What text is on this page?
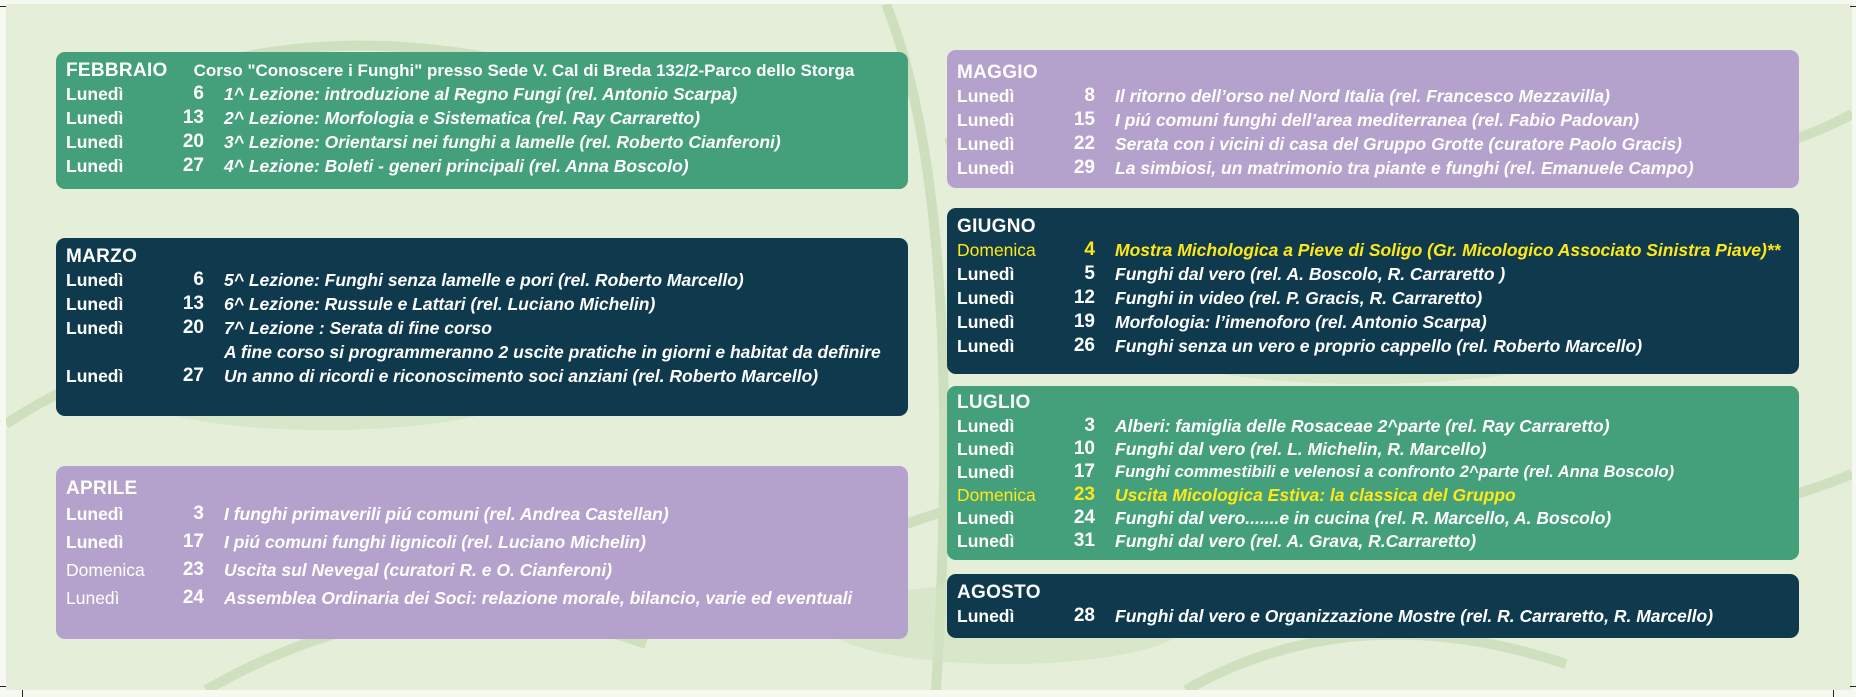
FEBBRAIO Corso "Conoscere i Funghi" presso Sede V. Cal di Breda 132/2-Parco dello Storga
Lunedì	6 1^ Lezione: introduzione al Regno Fungi (rel. Antonio Scarpa)
Lunedì	13 2^ Lezione: Morfologia e Sistematica (rel. Ray Carraretto)
Lunedì	20 3^ Lezione: Orientarsi nei funghi a lamelle (rel. Roberto Cianferoni)
Lunedì	27 4^ Lezione: Boleti - generi principali (rel. Anna Boscolo)
MARZO
Lunedì	6 5^ Lezione: Funghi senza lamelle e pori (rel. Roberto Marcello)
Lunedì	13 6^ Lezione: Russule e Lattari (rel. Luciano Michelin)
Lunedì	20 7^ Lezione : Serata di fine corso
A fine corso si programmeranno 2 uscite pratiche in giorni e habitat da definire
Lunedì	27 Un anno di ricordi e riconoscimento soci anziani (rel. Roberto Marcello)
APRILE
Lunedì	3 I funghi primaverili piú comuni (rel. Andrea Castellan)
Lunedì	17 I piú comuni funghi lignicoli (rel. Luciano Michelin)
Domenica	23 Uscita sul Nevegal (curatori R. e O. Cianferoni)
Lunedì	24 Assemblea Ordinaria dei Soci: relazione morale, bilancio, varie ed eventuali
MAGGIO
Lunedì	8 Il ritorno dell’orso nel Nord Italia (rel. Francesco Mezzavilla)
Lunedì	15 I piú comuni funghi dell’area mediterranea (rel. Fabio Padovan)
Lunedì	22 Serata con i vicini di casa del Gruppo Grotte (curatore Paolo Gracis)
Lunedì	29 La simbiosi, un matrimonio tra piante e funghi (rel. Emanuele Campo)
GIUGNO
Domenica	4 Mostra Michologica a Pieve di Soligo (Gr. Micologico Associato Sinistra Piave)**
Lunedì	5 Funghi dal vero (rel. A. Boscolo, R. Carraretto )
Lunedì	12 Funghi in video (rel. P. Gracis, R. Carraretto)
Lunedì	19 Morfologia: l’imenoforo (rel. Antonio Scarpa)
Lunedì	26 Funghi senza un vero e proprio cappello (rel. Roberto Marcello)
LUGLIO
Lunedì	3 Alberi: famiglia delle Rosaceae 2^parte (rel. Ray Carraretto)
Lunedì	10 Funghi dal vero (rel. L. Michelin, R. Marcello)
Lunedì	17 Funghi commestibili e velenosi a confronto 2^parte (rel. Anna Boscolo)
Domenica	23 Uscita Micologica Estiva: la classica del Gruppo
Lunedì	24 Funghi dal vero.......e in cucina (rel. R. Marcello, A. Boscolo)
Lunedì	31 Funghi dal vero (rel. A. Grava, R.Carraretto)
AGOSTO
Lunedì	28 Funghi dal vero e Organizzazione Mostre (rel. R. Carraretto, R. Marcello)
